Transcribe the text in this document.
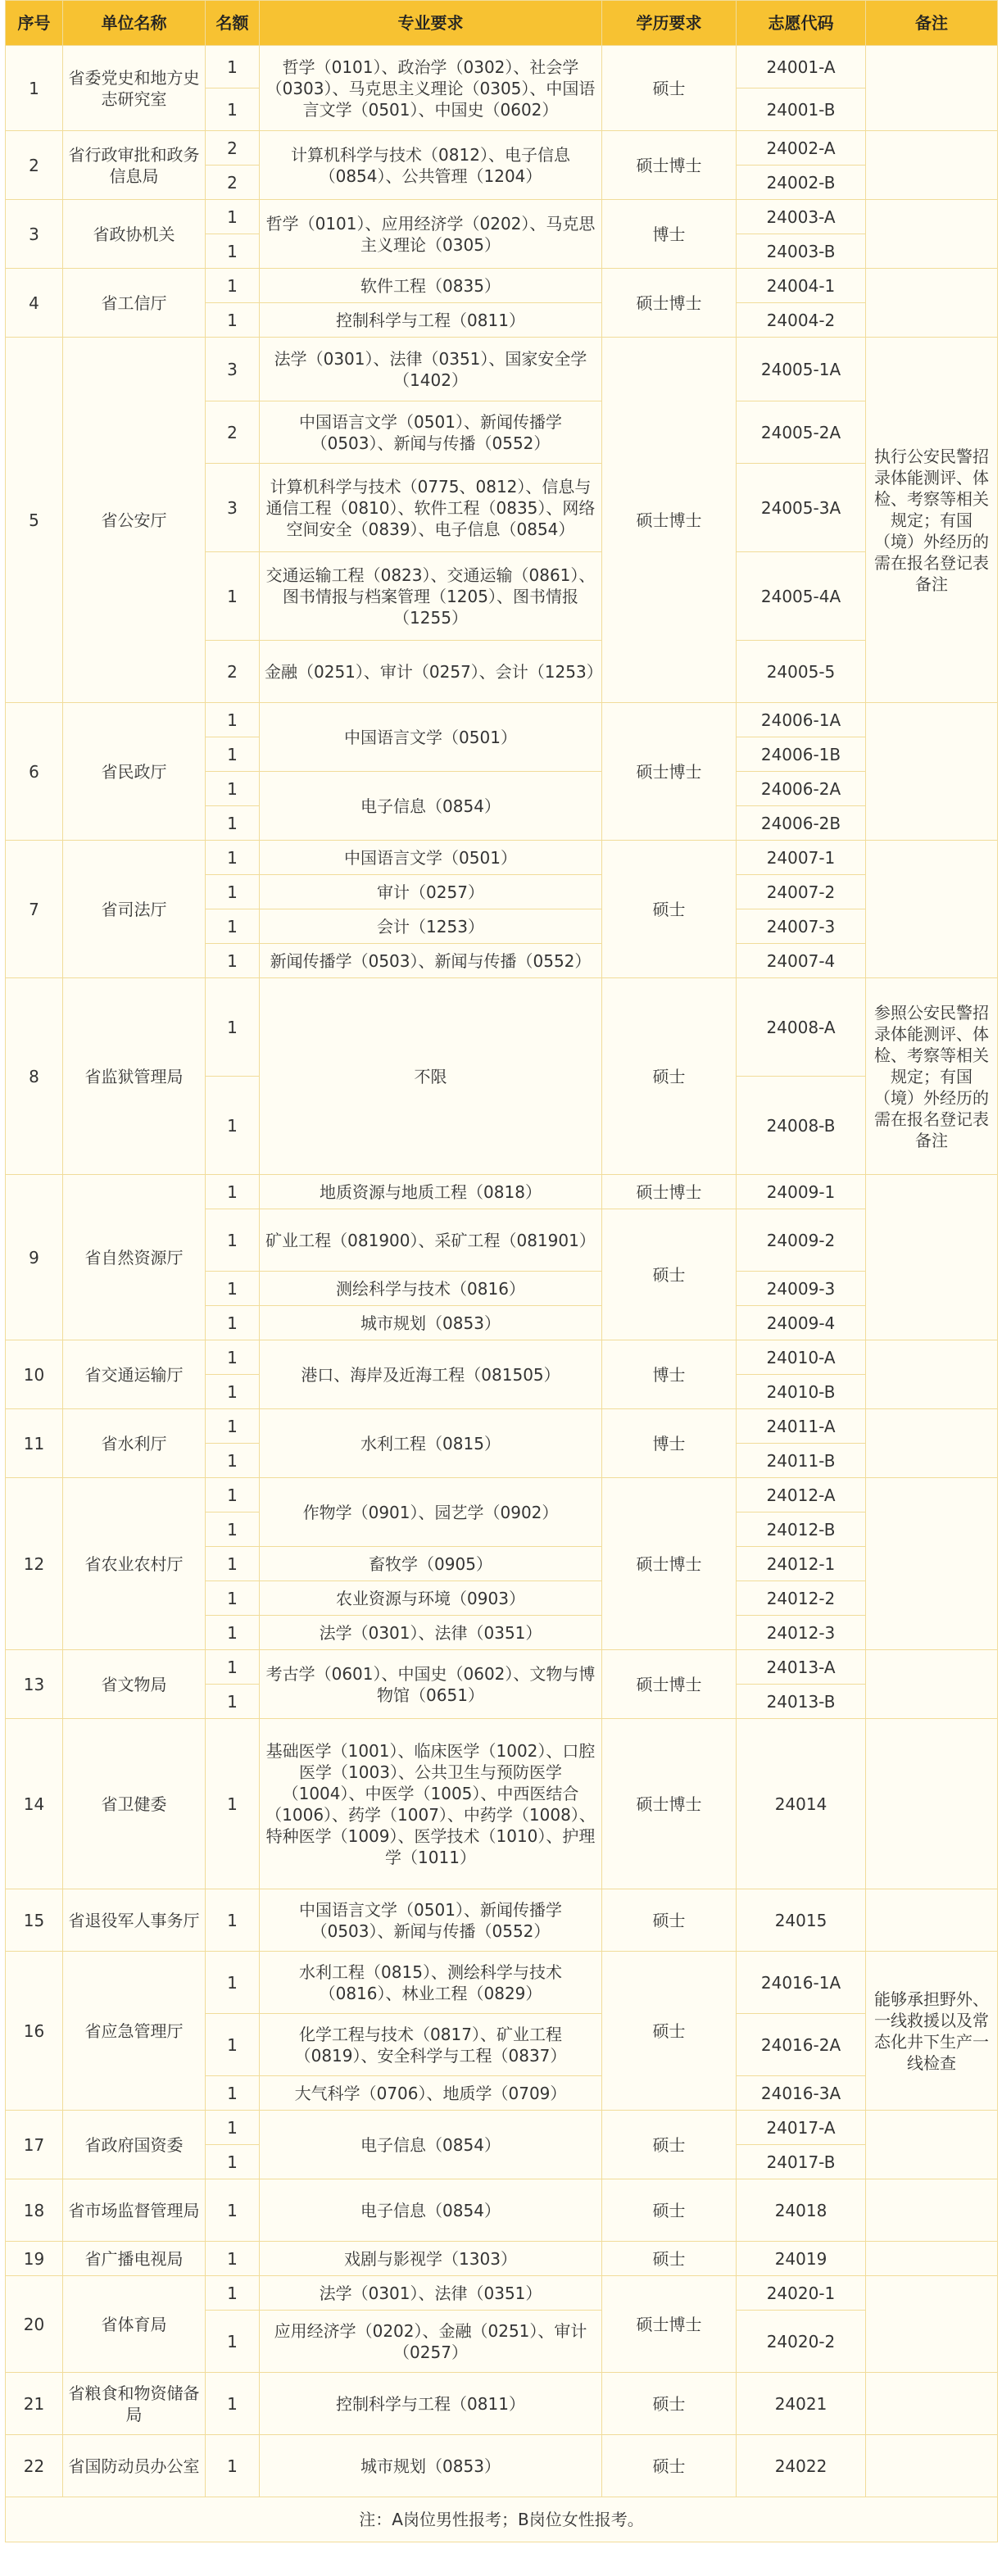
序号	单位名称	名额	专业要求	学历要求	志愿代码	备注
1	省委党史和地方史志研究室	1	哲学（0101）、政治学（0302）、社会学（0303）、马克思主义理论（0305）、中国语言文学（0501）、中国史（0602）	硕士	24001-A	
		1			24001-B	
2	省行政审批和政务信息局	2	计算机科学与技术（0812）、电子信息（0854）、公共管理（1204）	硕士博士	24002-A	
		2			24002-B	
3	省政协机关	1	哲学（0101）、应用经济学（0202）、马克思主义理论（0305）	博士	24003-A	
		1			24003-B	
4	省工信厅	1	软件工程（0835）	硕士博士	24004-1	
		1	控制科学与工程（0811）		24004-2	
5	省公安厅	3	法学（0301）、法律（0351）、国家安全学（1402）	硕士博士	24005-1A	执行公安民警招录体能测评、体检、考察等相关规定；有国（境）外经历的需在报名登记表备注
		2	中国语言文学（0501）、新闻传播学（0503）、新闻与传播（0552）		24005-2A	
		3	计算机科学与技术（0775、0812）、信息与通信工程（0810）、软件工程（0835）、网络空间安全（0839）、电子信息（0854）		24005-3A	
		1	交通运输工程（0823）、交通运输（0861）、图书情报与档案管理（1205）、图书情报（1255）		24005-4A	
		2	金融（0251）、审计（0257）、会计（1253）		24005-5	
6	省民政厅	1	中国语言文学（0501）	硕士博士	24006-1A	
		1			24006-1B	
		1	电子信息（0854）		24006-2A	
		1			24006-2B	
7	省司法厅	1	中国语言文学（0501）	硕士	24007-1	
		1	审计（0257）		24007-2	
		1	会计（1253）		24007-3	
		1	新闻传播学（0503）、新闻与传播（0552）		24007-4	
8	省监狱管理局	1	不限	硕士	24008-A	参照公安民警招录体能测评、体检、考察等相关规定；有国（境）外经历的需在报名登记表备注
		1			24008-B	
9	省自然资源厅	1	地质资源与地质工程（0818）	硕士博士	24009-1	
		1	矿业工程（081900）、采矿工程（081901）	硕士	24009-2	
		1	测绘科学与技术（0816）		24009-3	
		1	城市规划（0853）		24009-4	
10	省交通运输厅	1	港口、海岸及近海工程（081505）	博士	24010-A	
		1			24010-B	
11	省水利厅	1	水利工程（0815）	博士	24011-A	
		1			24011-B	
12	省农业农村厅	1	作物学（0901）、园艺学（0902）	硕士博士	24012-A	
		1			24012-B	
		1	畜牧学（0905）		24012-1	
		1	农业资源与环境（0903）		24012-2	
		1	法学（0301）、法律（0351）		24012-3	
13	省文物局	1	考古学（0601）、中国史（0602）、文物与博物馆（0651）	硕士博士	24013-A	
		1			24013-B	
14	省卫健委	1	基础医学（1001）、临床医学（1002）、口腔医学（1003）、公共卫生与预防医学（1004）、中医学（1005）、中西医结合（1006）、药学（1007）、中药学（1008）、特种医学（1009）、医学技术（1010）、护理学（1011）	硕士博士	24014	
15	省退役军人事务厅	1	中国语言文学（0501）、新闻传播学（0503）、新闻与传播（0552）	硕士	24015	
16	省应急管理厅	1	水利工程（0815）、测绘科学与技术（0816）、林业工程（0829）	硕士	24016-1A	能够承担野外、一线救援以及常态化井下生产一线检查
		1	化学工程与技术（0817）、矿业工程（0819）、安全科学与工程（0837）		24016-2A	
		1	大气科学（0706）、地质学（0709）		24016-3A	
17	省政府国资委	1	电子信息（0854）	硕士	24017-A	
		1			24017-B	
18	省市场监督管理局	1	电子信息（0854）	硕士	24018	
19	省广播电视局	1	戏剧与影视学（1303）	硕士	24019	
20	省体育局	1	法学（0301）、法律（0351）	硕士博士	24020-1	
		1	应用经济学（0202）、金融（0251）、审计（0257）		24020-2	
21	省粮食和物资储备局	1	控制科学与工程（0811）	硕士	24021	
22	省国防动员办公室	1	城市规划（0853）	硕士	24022	
注：A岗位男性报考；B岗位女性报考。						
